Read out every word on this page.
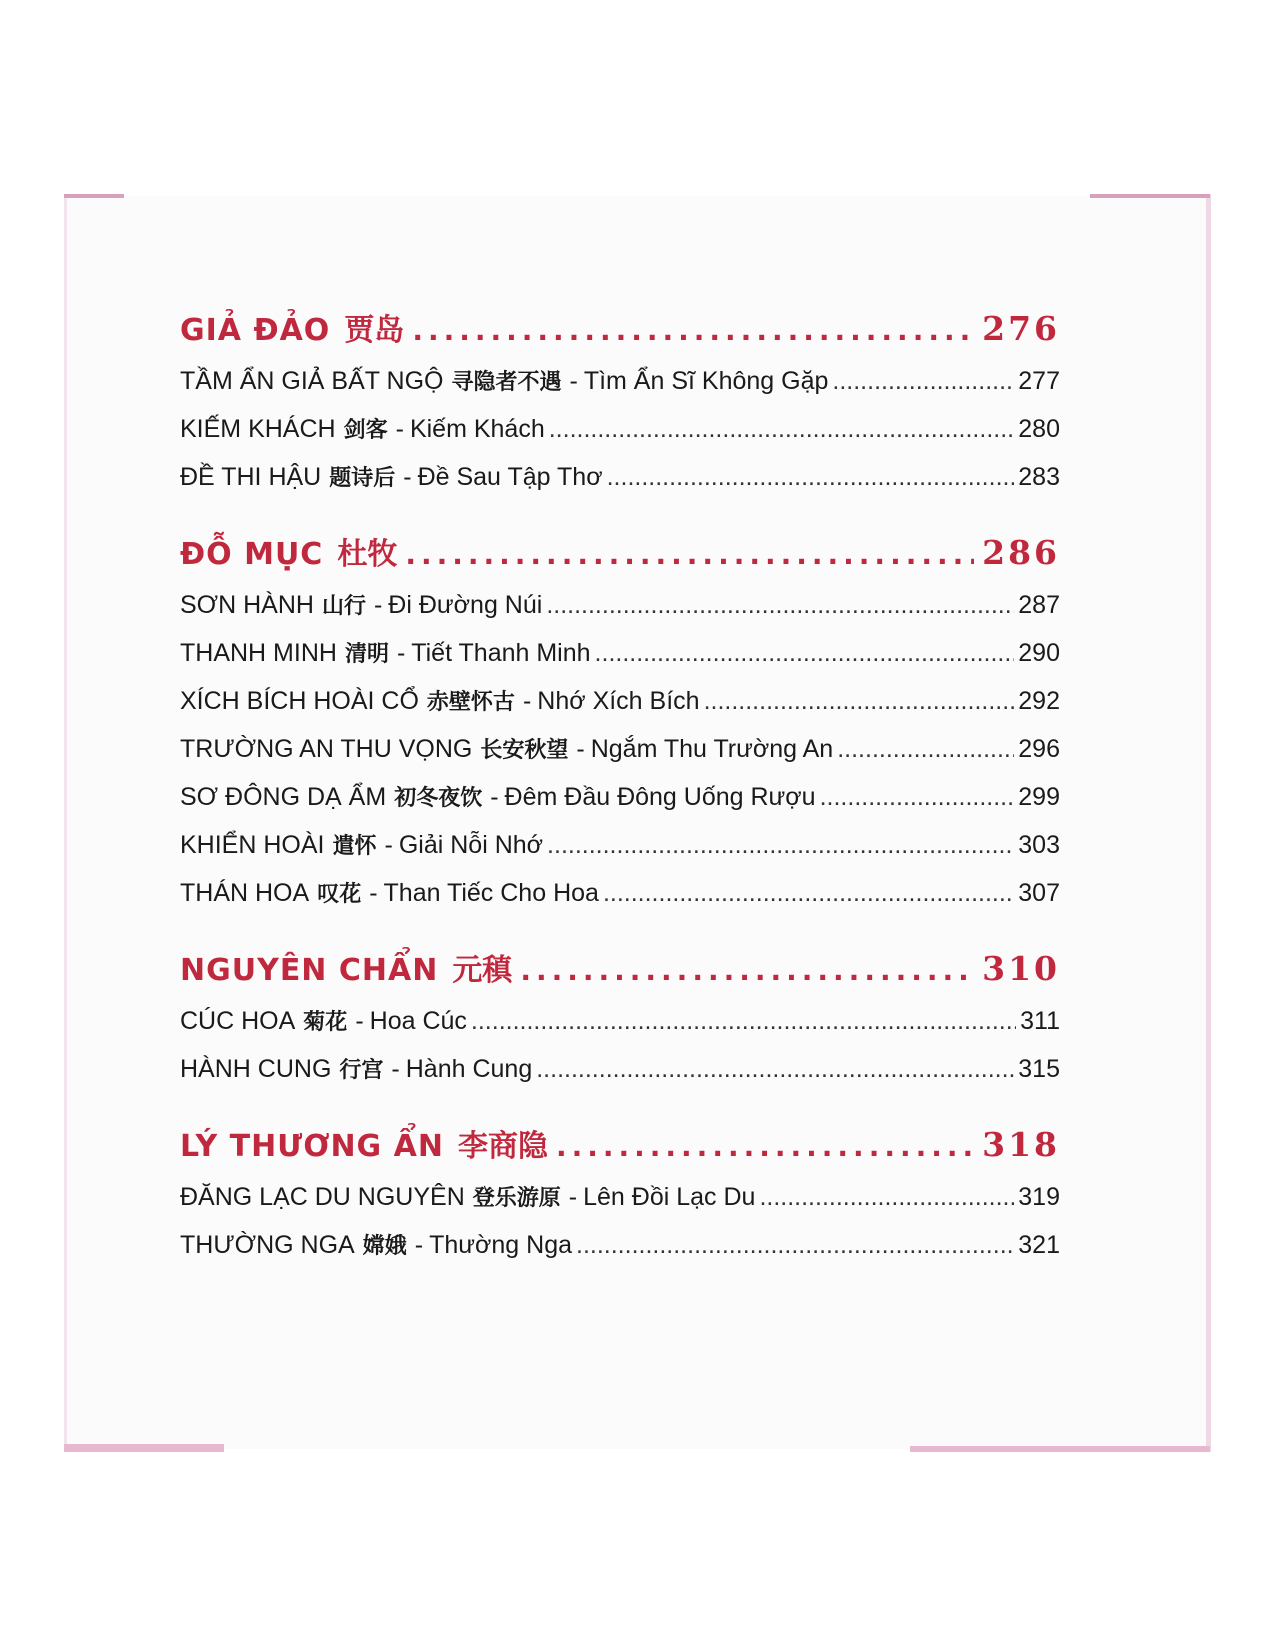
GIẢ ĐẢO 贾岛 .....	276
TẦM ẨN GIẢ BẤT NGỘ 寻隐者不遇 - Tìm Ẩn Sĩ Không Gặp .....	277
KIẾM KHÁCH 剑客 - Kiếm Khách .....	280
ĐỀ THI HẬU 题诗后 - Đề Sau Tập Thơ .....	283
ĐỖ MỤC 杜牧 .....	286
SƠN HÀNH 山行 - Đi Đường Núi .....	287
THANH MINH 清明 - Tiết Thanh Minh .....	290
XÍCH BÍCH HOÀI CỔ 赤壁怀古 - Nhớ Xích Bích .....	292
TRƯỜNG AN THU VỌNG 长安秋望 - Ngắm Thu Trường An .....	296
SƠ ĐÔNG DẠ ẨM 初冬夜饮 - Đêm Đầu Đông Uống Rượu .....	299
KHIỂN HOÀI 遣怀 - Giải Nỗi Nhớ .....	303
THÁN HOA 叹花 - Than Tiếc Cho Hoa .....	307
NGUYÊN CHẨN 元稹 .....	310
CÚC HOA 菊花 - Hoa Cúc .....	311
HÀNH CUNG 行宫 - Hành Cung .....	315
LÝ THƯƠNG ẨN 李商隐 .....	318
ĐĂNG LẠC DU NGUYÊN 登乐游原 - Lên Đồi Lạc Du .....	319
THƯỜNG NGA 嫦娥 - Thường Nga .....	321
